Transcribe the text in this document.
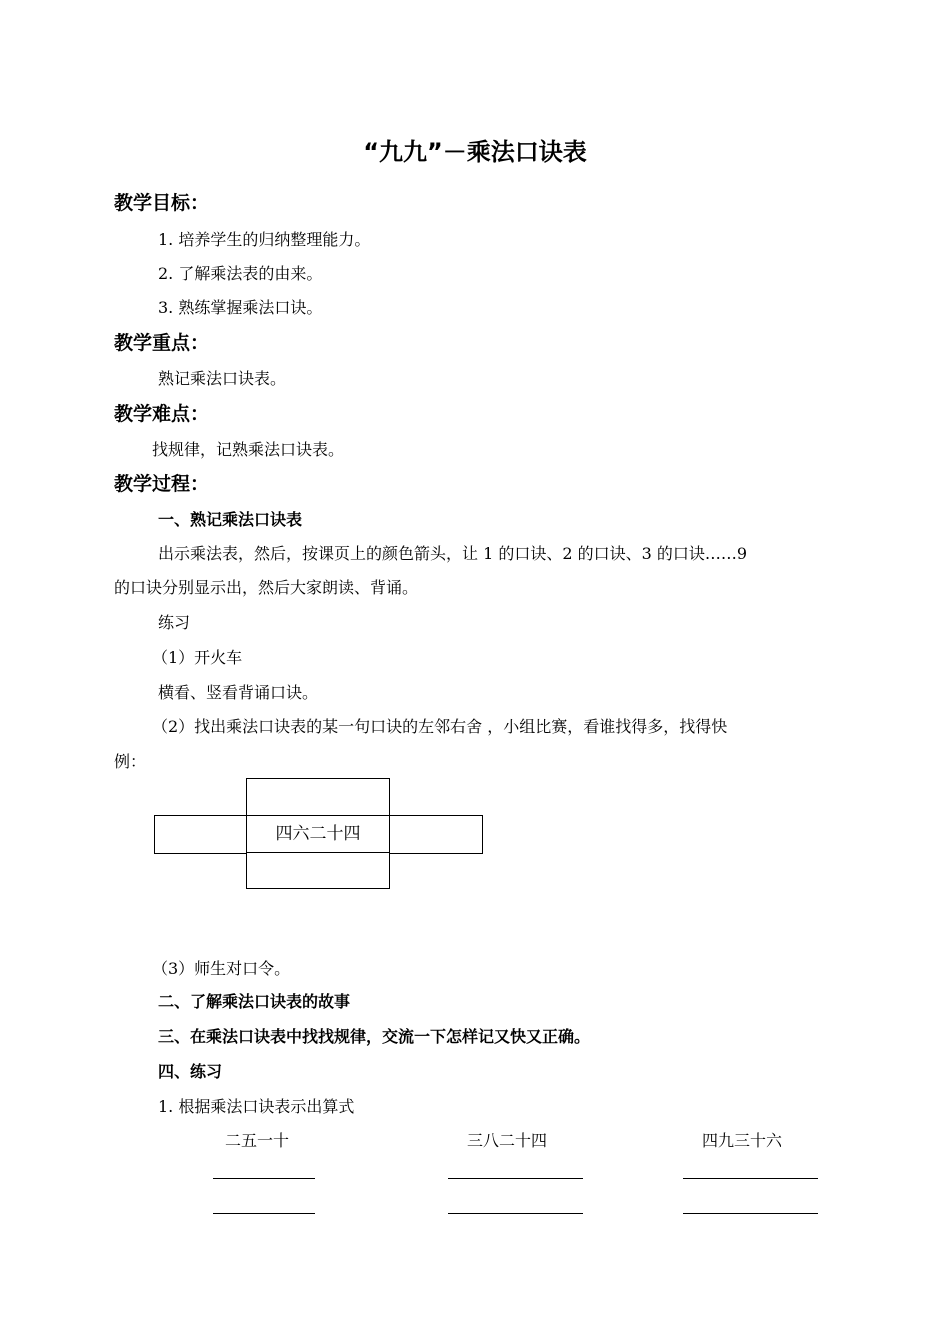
“九九”－乘法口诀表
教学目标：
1. 培养学生的归纳整理能力。
2. 了解乘法表的由来。
3. 熟练掌握乘法口诀。
教学重点：
熟记乘法口诀表。
教学难点：
找规律，记熟乘法口诀表。
教学过程：
一、熟记乘法口诀表
出示乘法表，然后，按课页上的颜色箭头，让 1 的口诀、2 的口诀、3 的口诀……9
的口诀分别显示出，然后大家朗读、背诵。
练习
（1）开火车
横看、竖看背诵口诀。
（2）找出乘法口诀表的某一句口诀的左邻右舍 ，小组比赛，看谁找得多，找得快
例：
四六二十四
（3）师生对口令。
二、了解乘法口诀表的故事
三、在乘法口诀表中找找规律，交流一下怎样记又快又正确。
四、练习
1. 根据乘法口诀表示出算式
二五一十	三八二十四	四九三十六
